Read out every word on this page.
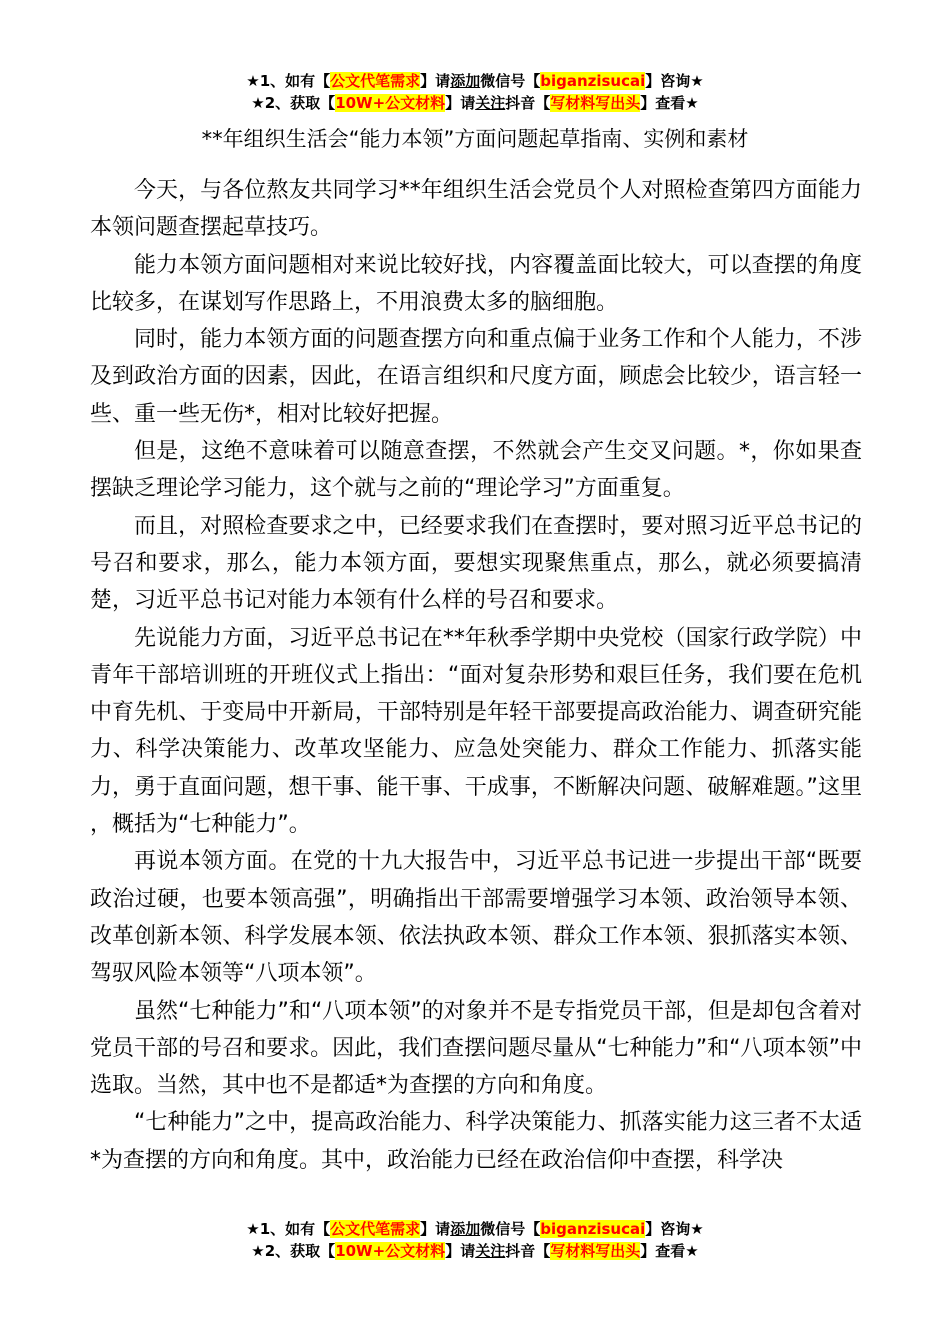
★1、如有【公文代笔需求】请添加微信号【biganzisucai】咨询★
★2、获取【10W+公文材料】请关注抖音【写材料写出头】查看★
**年组织生活会“能力本领”方面问题起草指南、实例和素材

今天，与各位熬友共同学习**年组织生活会党员个人对照检查第四方面能力本领问题查摆起草技巧。

能力本领方面问题相对来说比较好找，内容覆盖面比较大，可以查摆的角度比较多，在谋划写作思路上，不用浪费太多的脑细胞。

同时，能力本领方面的问题查摆方向和重点偏于业务工作和个人能力，不涉及到政治方面的因素，因此，在语言组织和尺度方面，顾虑会比较少，语言轻一些、重一些无伤*，相对比较好把握。

但是，这绝不意味着可以随意查摆，不然就会产生交叉问题。*，你如果查摆缺乏理论学习能力，这个就与之前的“理论学习”方面重复。

而且，对照检查要求之中，已经要求我们在查摆时，要对照习近平总书记的号召和要求，那么，能力本领方面，要想实现聚焦重点，那么，就必须要搞清楚，习近平总书记对能力本领有什么样的号召和要求。

先说能力方面，习近平总书记在**年秋季学期中央党校（国家行政学院）中青年干部培训班的开班仪式上指出：“面对复杂形势和艰巨任务，我们要在危机中育先机、于变局中开新局，干部特别是年轻干部要提高政治能力、调查研究能力、科学决策能力、改革攻坚能力、应急处突能力、群众工作能力、抓落实能力，勇于直面问题，想干事、能干事、干成事，不断解决问题、破解难题。”这里 ，概括为“七种能力”。

再说本领方面。在党的十九大报告中，习近平总书记进一步提出干部“既要政治过硬，也要本领高强”，明确指出干部需要增强学习本领、政治领导本领、改革创新本领、科学发展本领、依法执政本领、群众工作本领、狠抓落实本领、驾驭风险本领等“八项本领”。

虽然“七种能力”和“八项本领”的对象并不是专指党员干部，但是却包含着对党员干部的号召和要求。因此，我们查摆问题尽量从“七种能力”和“八项本领”中选取。当然，其中也不是都适*为查摆的方向和角度。

“七种能力”之中，提高政治能力、科学决策能力、抓落实能力这三者不太适*为查摆的方向和角度。其中，政治能力已经在政治信仰中查摆，科学决

★1、如有【公文代笔需求】请添加微信号【biganzisucai】咨询★
★2、获取【10W+公文材料】请关注抖音【写材料写出头】查看★
